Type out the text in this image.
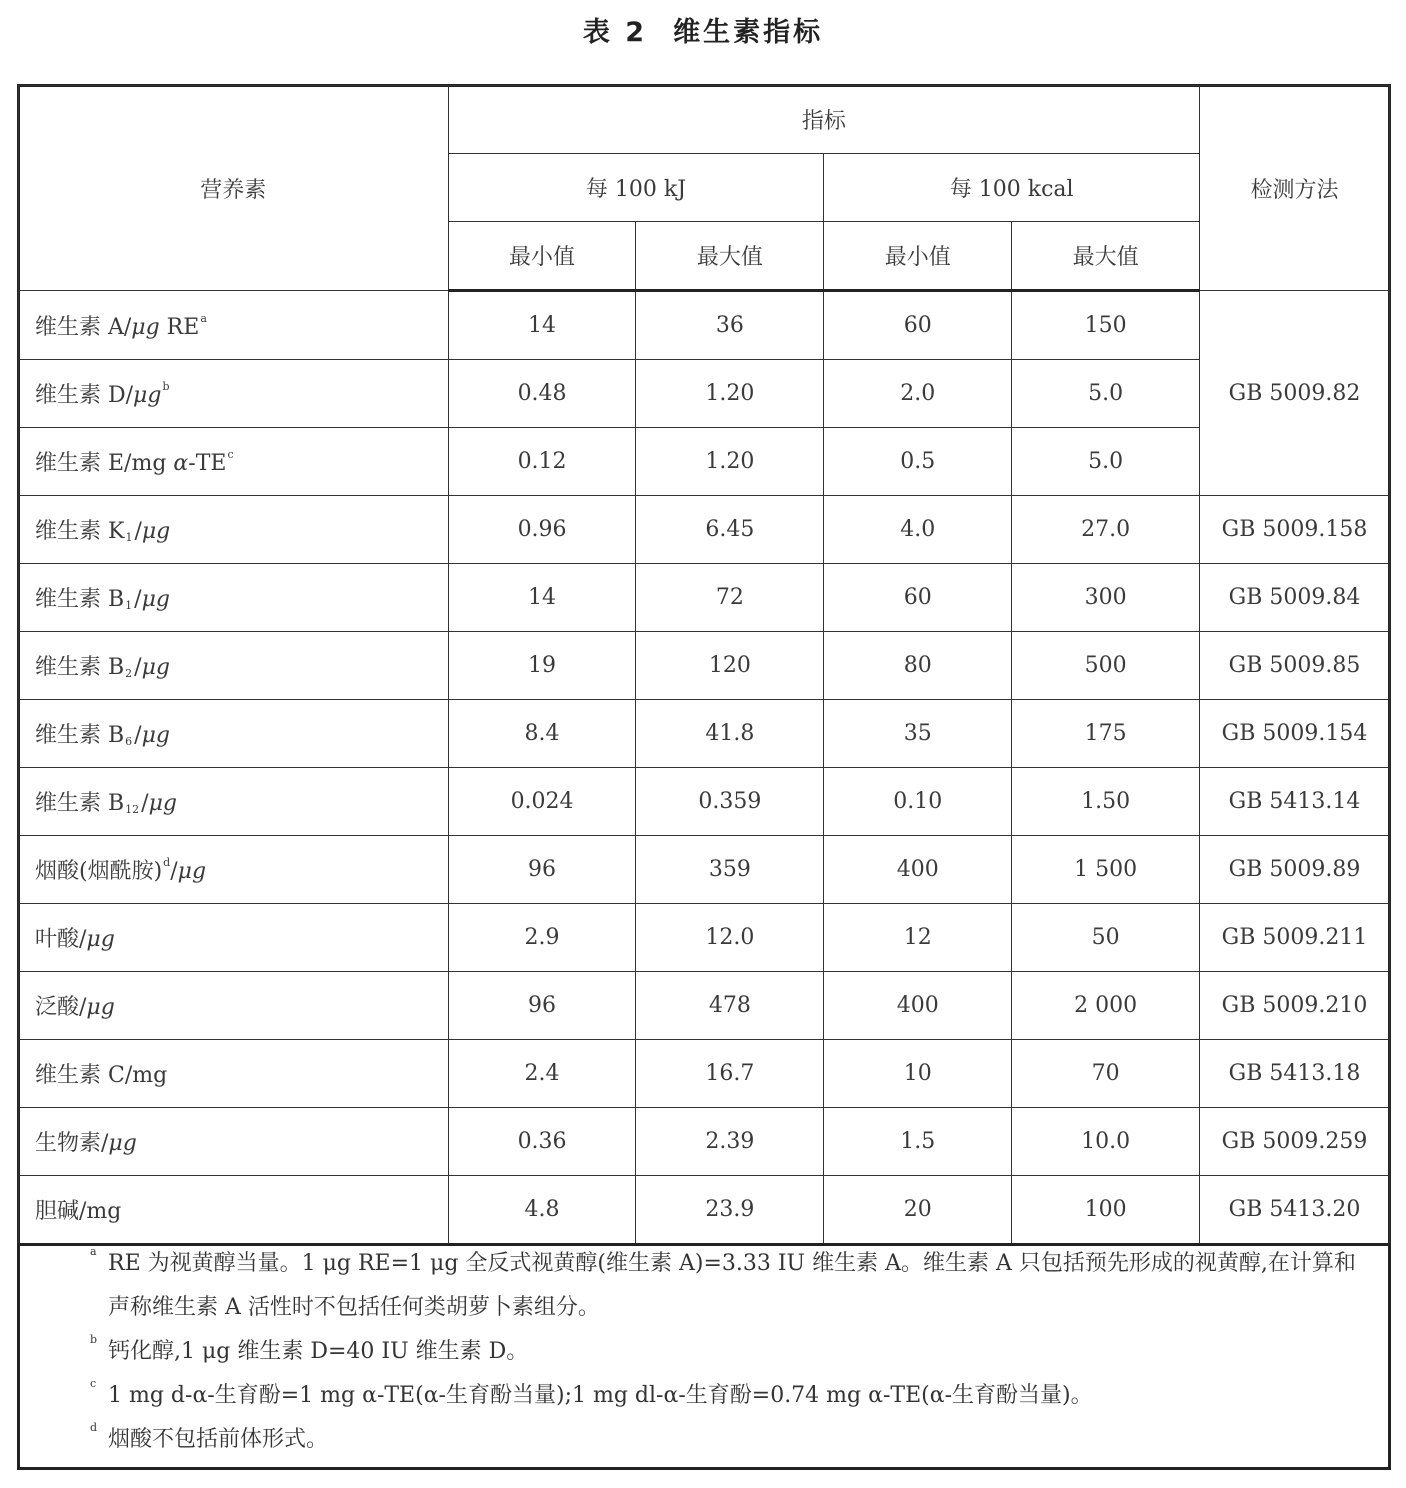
表 2 维生素指标
营养素	指标				检测方法
	每 100 kJ		每 100 kcal		
	最小值	最大值	最小值	最大值	
维生素 A/μg $RE^a$	14	36	60	150	GB 5009.82
维生素 $D/\mu g^b$	0.48	1.20	2.0	5.0	
维生素 E/mg $\alpha-TE^c$	0.12	1.20	0.5	5.0	
维生素 $K_1/\mu g$	0.96	6.45	4.0	27.0	GB 5009.158
维生素 $B_1/\mu g$	14	72	60	300	GB 5009.84
维生素 $B_2/\mu g$	19	120	80	500	GB 5009.85
维生素 $B_6/\mu g$	8.4	41.8	35	175	GB 5009.154
维生素 $B_{12}/\mu g$	0.024	0.359	0.10	1.50	GB 5413.14
烟酸(烟酰胺)$^d$/μg	96	359	400	1 500	GB 5009.89
叶酸/μg	2.9	12.0	12	50	GB 5009.211
泛酸/μg	96	478	400	2 000	GB 5009.210
维生素 C/mg	2.4	16.7	10	70	GB 5413.18
生物素/μg	0.36	2.39	1.5	10.0	GB 5009.259
胆碱/mg	4.8	23.9	20	100	GB 5413.20
a RE 为视黄醇当量。1 μg RE=1 μg 全反式视黄醇(维生素 A)=3.33 IU 维生素 A。维生素 A 只包括预先形成的视黄醇,在计算和声称维生素 A 活性时不包括任何类胡萝卜素组分。
b 钙化醇,1 μg 维生素 D=40 IU 维生素 D。
c 1 mg d-α-生育酚=1 mg α-TE(α-生育酚当量);1 mg dl-α-生育酚=0.74 mg α-TE(α-生育酚当量)。
d 烟酸不包括前体形式。
